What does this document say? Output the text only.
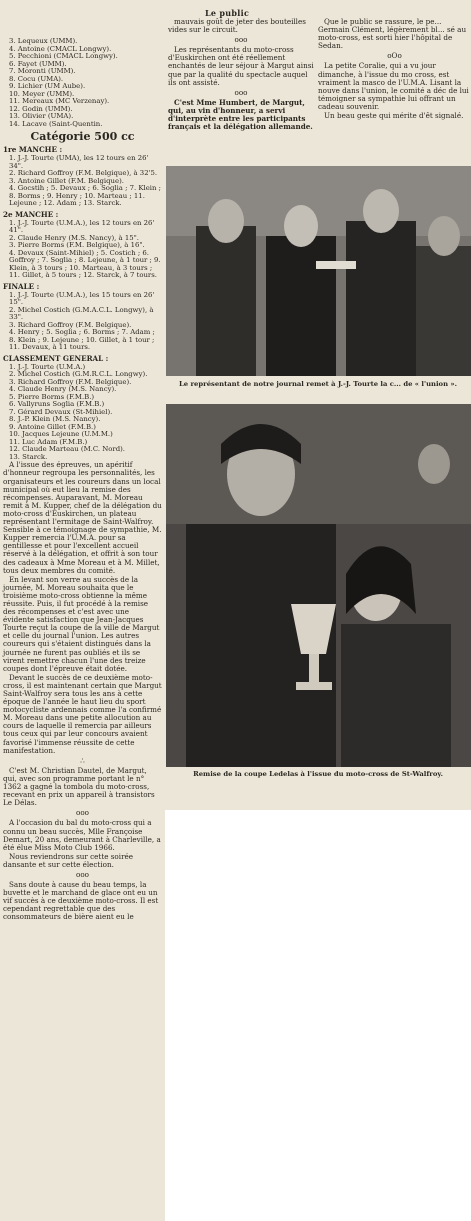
Le public
3. Lequeux (UMM).
4. Antoine (CMACL Longwy).
5. Pecchioni (CMACL Longwy).
6. Fayet (UMM).
7. Moronti (UMM).
8. Cocu (UMA).
9. Lichier (UM Aube).
10. Meyer (UMM).
11. Mereaux (MC Verzenay).
12. Godin (UMM).
13. Olivier (UMA).
14. Lacave (Saint-Quentin.

Catégorie 500 cc

1re MANCHE :

1. J.-J. Tourte (UMA), les 12 tours en 26' 34".
2. Richard Goffroy (F.M. Belgique), à 32'5.
3. Antoine Gillet (F.M. Belgique).
4. Gocstih ; 5. Devaux ; 6. Soglia ; 7. Klein ; 8. Borms ; 9. Henry ; 10. Marteau ; 11. Lejeune ; 12. Adam ; 13. Starck.

2e MANCHE :

1. J.-J. Tourte (U.M.A.), les 12 tours en 26' 41".
2. Claude Henry (M.S. Nancy), à 15".
3. Pierre Borms (F.M. Belgique), à 16".
4. Devaux (Saint-Mihiel) ; 5. Costich ; 6. Goffroy ; 7. Soglia ; 8. Lejeune, à 1 tour ; 9. Klein, à 3 tours ; 10. Marteau, à 3 tours ; 11. Gillet, à 5 tours ; 12. Starck, à 7 tours.

FINALE :

1. J.-J. Tourte (U.M.A.), les 15 tours en 26' 15".
2. Michel Costich (G.M.A.C.L. Longwy), à 33".
3. Richard Goffroy (F.M. Belgique).
4. Henry ; 5. Soglia ; 6. Borms ; 7. Adam ; 8. Klein ; 9. Lejeune ; 10. Gillet, à 1 tour ; 11. Devaux, à 11 tours.

CLASSEMENT GENERAL :

1. J.-J. Tourte (U.M.A.)
2. Michel Costich (G.M.R.C.L. Longwy).
3. Richard Goffroy (F.M. Belgique).
4. Claude Henry (M.S. Nancy).
5. Pierre Borms (F.M.B.)
6. Vallyruns Soglia (F.M.B.)
7. Gérard Devaux (St-Mihiel).
8. J.-P. Klein (M.S. Nancy).
9. Antoine Gillet (F.M.B.)
10. Jacques Lejeune (U.M.M.)
11. Luc Adam (F.M.B.)
12. Claude Marteau (M.C. Nord).
13. Starck.

A l'issue des épreuves, un apéritif d'honneur regroupa les personnalités, les organisateurs et les coureurs dans un local municipal où eut lieu la remise des récompenses. Auparavant, M. Moreau remit à M. Kupper, chef de la délégation du moto-cross d'Euskirchen, un plateau représentant l'ermitage de Saint-Walfroy. Sensible à ce témoignage de sympathie, M. Kupper remercia l'U.M.A. pour sa gentillesse et pour l'excellent accueil réservé à la délégation, et offrit à son tour des cadeaux à Mme Moreau et à M. Millet, tous deux membres du comité.

En levant son verre au succès de la journée, M. Moreau souhaita que le troisième moto-cross obtienne la même réussite. Puis, il fut procédé à la remise des récompenses et c'est avec une évidente satisfaction que Jean-Jacques Tourte reçut la coupe de la ville de Margut et celle du journal l'union. Les autres coureurs qui s'étaient distingués dans la journée ne furent pas oubliés et ils se virent remettre chacun l'une des treize coupes dont l'épreuve était dotée.

Devant le succès de ce deuxième moto-cross, il est maintenant certain que Margut Saint-Walfroy sera tous les ans à cette époque de l'année le haut lieu du sport motocycliste ardennais comme l'a confirmé M. Moreau dans une petite allocution au cours de laquelle il remercia par ailleurs tous ceux qui par leur concours avaient favorisé l'immense réussite de cette manifestation.

∴

C'est M. Christian Dautel, de Margut, qui, avec son programme portant le n° 1362 a gagné la tombola du moto-cross, recevant en prix un appareil à transistors Le Délas.

ooo

A l'occasion du bal du moto-cross qui a connu un beau succès, Mlle Françoise Demart, 20 ans, demeurant à Charleville, a été élue Miss Moto Club 1966.

Nous reviendrons sur cette soirée dansante et sur cette élection.

ooo

Sans doute à cause du beau temps, la buvette et le marchand de glace ont eu un vif succès à ce deuxième moto-cross. Il est cependant regrettable que des consommateurs de bière aient eu le

mauvais goût de jeter des bouteilles vides sur le circuit.

ooo

Les représentants du moto-cross d'Euskirchen ont été réellement enchantés de leur séjour à Margut ainsi que par la qualité du spectacle auquel ils ont assisté.

ooo

C'est Mme Humbert, de Margut, qui, au vin d'honneur, a servi d'interprète entre les participants français et la délégation allemande.

Que le public se rassure, le pe... Germain Clément, légèrement bl... sé au moto-cross, est sorti hier l'hôpital de Sedan.

oOo

La petite Coralie, qui a vu jour dimanche, à l'issue du mo cross, est vraiment la masco de l'U.M.A. Lisant la nouve dans l'union, le comité a déc de lui témoigner sa sympathie lui offrant un cadeau souvenir.

Un beau geste qui mérite d'êt signalé.

Le représentant de notre journal remet à J.-J. Tourte la c... de « l'union ».
Remise de la coupe Ledelas à l'issue du moto-cross de St-Walfroy.
